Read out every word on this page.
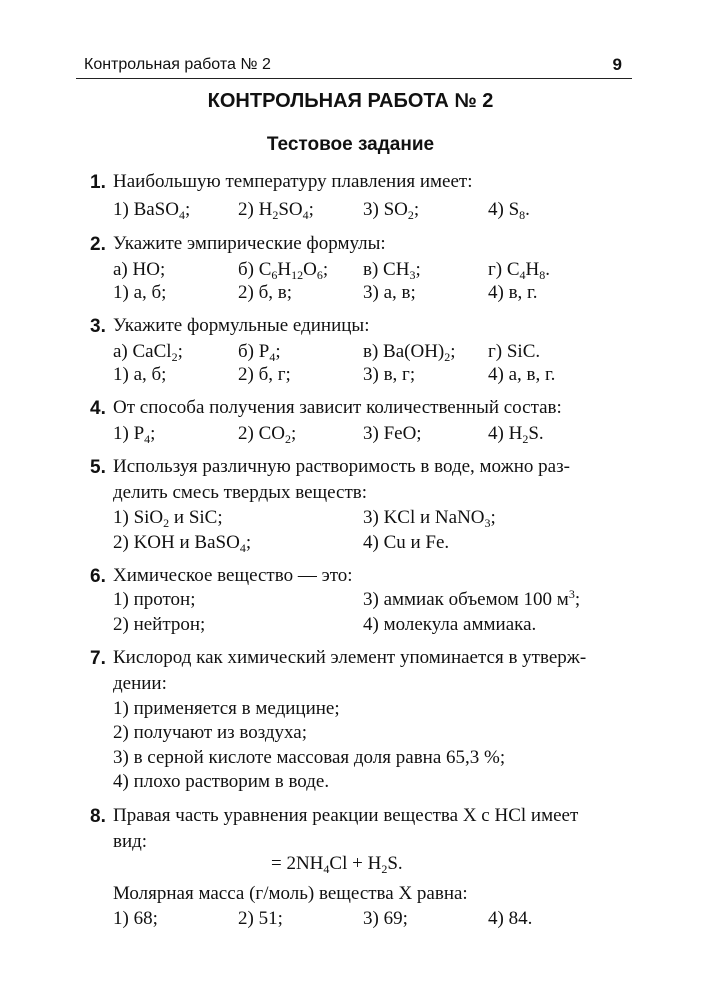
Контрольная работа № 2	9
КОНТРОЛЬНАЯ РАБОТА № 2
Тестовое задание
1. Наибольшую температуру плавления имеет:
1) BaSO$_4$;	2) $H_2SO_4$;	3) $SO_2$;	4) $S_8$.
2. Укажите эмпирические формулы:
а) HO;	б) $C_6H_{12}O_6$; в) $CH_3$;	г) $C_4H_8$.
1) а, б;	2) б, в;	3) а, в;	4) в, г.
3. Укажите формульные единицы:
а) CaCl$_2$;	б) $P_4$;	в) $Ba(OH)_2$; г) SiC.
1) а, б;	2) б, г;	3) в, г;	4) а, в, г.
4. От способа получения зависит количественный состав:
1) $P_4$;	2) $CO_2$;	3) FeO;	4) $H_2S$.
5. Используя различную растворимость в воде, можно раз-
делить смесь твердых веществ:
1) SiO$_2$ и SiC;	3) KCl и NaNO$_3$;
2) KOH и BaSO$_4$;	4) Cu и Fe.
6. Химическое вещество — это:
1) протон;	3) аммиак объемом 100 $м^3$;
2) нейтрон;	4) молекула аммиака.
7. Кислород как химический элемент упоминается в утверж-
дении:
1) применяется в медицине;
2) получают из воздуха;
3) в серной кислоте массовая доля равна 65,3 %;
4) плохо растворим в воде.
8. Правая часть уравнения реакции вещества X с HCl имеет
вид:
= $2NH_4Cl + H_2S$.
Молярная масса (г/моль) вещества X равна:
1) 68;	2) 51;	3) 69;	4) 84.
